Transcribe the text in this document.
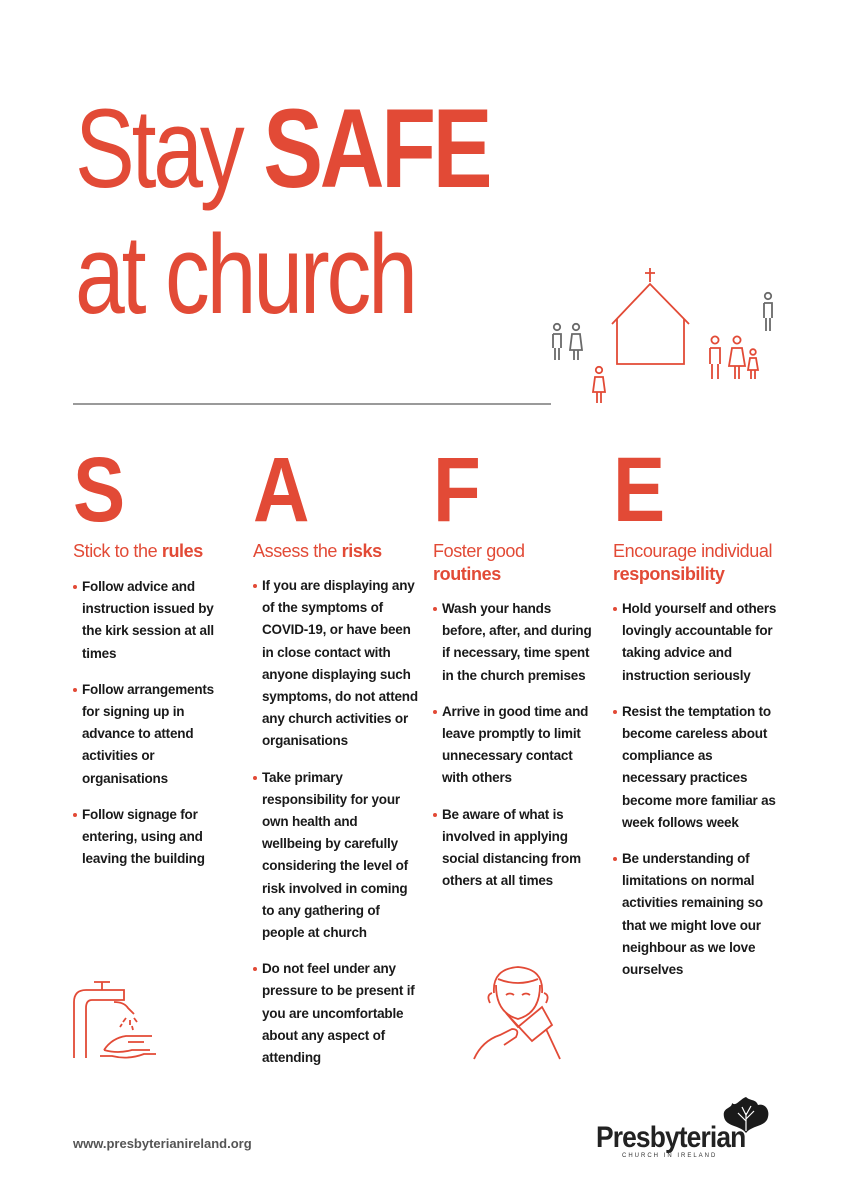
Stay SAFE
at church
S A F E
Stick to the rules
Follow advice and instruction issued by the kirk session at all times
Follow arrangements for signing up in advance to attend activities or organisations
Follow signage for entering, using and leaving the building
Assess the risks
If you are displaying any of the symptoms of COVID-19, or have been in close contact with anyone displaying such symptoms, do not attend any church activities or organisations
Take primary responsibility for your own health and wellbeing by carefully considering the level of risk involved in coming to any gathering of people at church
Do not feel under any pressure to be present if you are uncomfortable about any aspect of attending
Foster good
routines
Wash your hands before, after, and during if necessary, time spent in the church premises
Arrive in good time and leave promptly to limit unnecessary contact with others
Be aware of what is involved in applying social distancing from others at all times
Encourage individual
responsibility
Hold yourself and others lovingly accountable for taking advice and instruction seriously
Resist the temptation to become careless about compliance as necessary practices become more familiar as week follows week
Be understanding of limitations on normal activities remaining so that we might love our neighbour as we love ourselves
www.presbyterianireland.org	Presbyterian
CHURCH IN IRELAND
